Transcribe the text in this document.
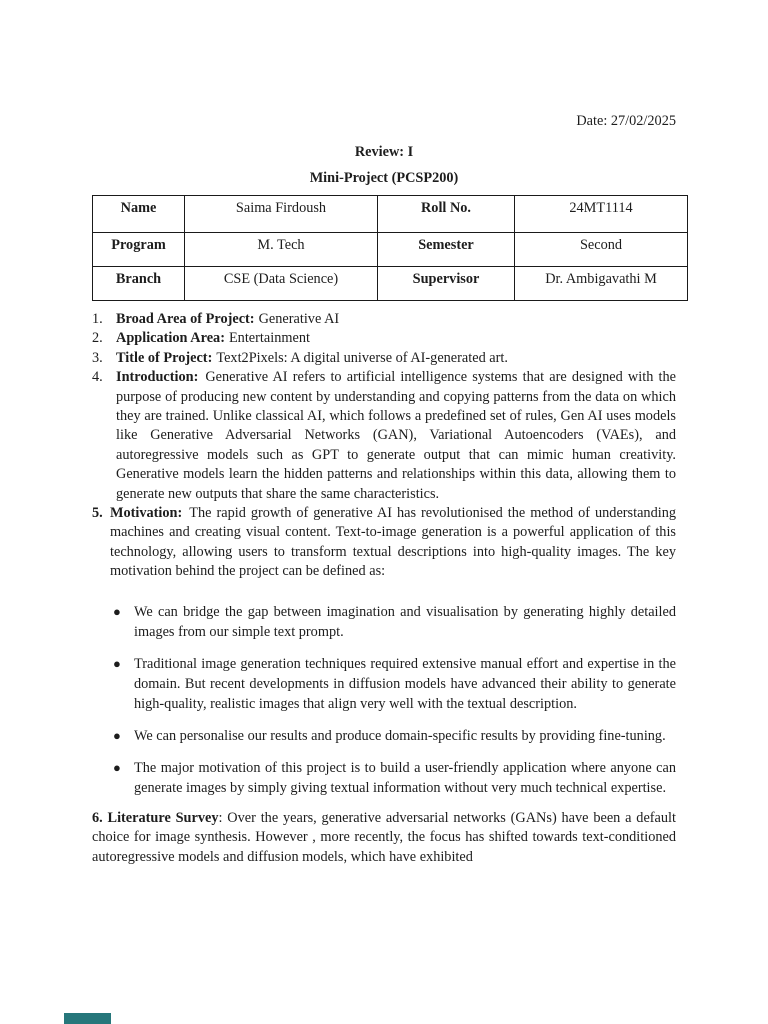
Date: 27/02/2025
Review: I
Mini-Project (PCSP200)
Name	Saima Firdoush	Roll No.	24MT1114
Program	M. Tech	Semester	Second
Branch	CSE (Data Science)	Supervisor	Dr. Ambigavathi M
1. Broad Area of Project: Generative AI
2. Application Area: Entertainment
3. Title of Project: Text2Pixels: A digital universe of AI-generated art.
4. Introduction: Generative AI refers to artificial intelligence systems that are designed with the purpose of producing new content by understanding and copying patterns from the data on which they are trained. Unlike classical AI, which follows a predefined set of rules, Gen AI uses models like Generative Adversarial Networks (GAN), Variational Autoencoders (VAEs), and autoregressive models such as GPT to generate output that can mimic human creativity. Generative models learn the hidden patterns and relationships within this data, allowing them to generate new outputs that share the same characteristics.
5. Motivation: The rapid growth of generative AI has revolutionised the method of understanding machines and creating visual content. Text-to-image generation is a powerful application of this technology, allowing users to transform textual descriptions into high-quality images. The key motivation behind the project can be defined as:
● We can bridge the gap between imagination and visualisation by generating highly detailed images from our simple text prompt.
● Traditional image generation techniques required extensive manual effort and expertise in the domain. But recent developments in diffusion models have advanced their ability to generate high-quality, realistic images that align very well with the textual description.
● We can personalise our results and produce domain-specific results by providing fine-tuning.
● The major motivation of this project is to build a user-friendly application where anyone can generate images by simply giving textual information without very much technical expertise.
6. Literature Survey: Over the years, generative adversarial networks (GANs) have been a default choice for image synthesis. However , more recently, the focus has shifted towards text-conditioned autoregressive models and diffusion models, which have exhibited
